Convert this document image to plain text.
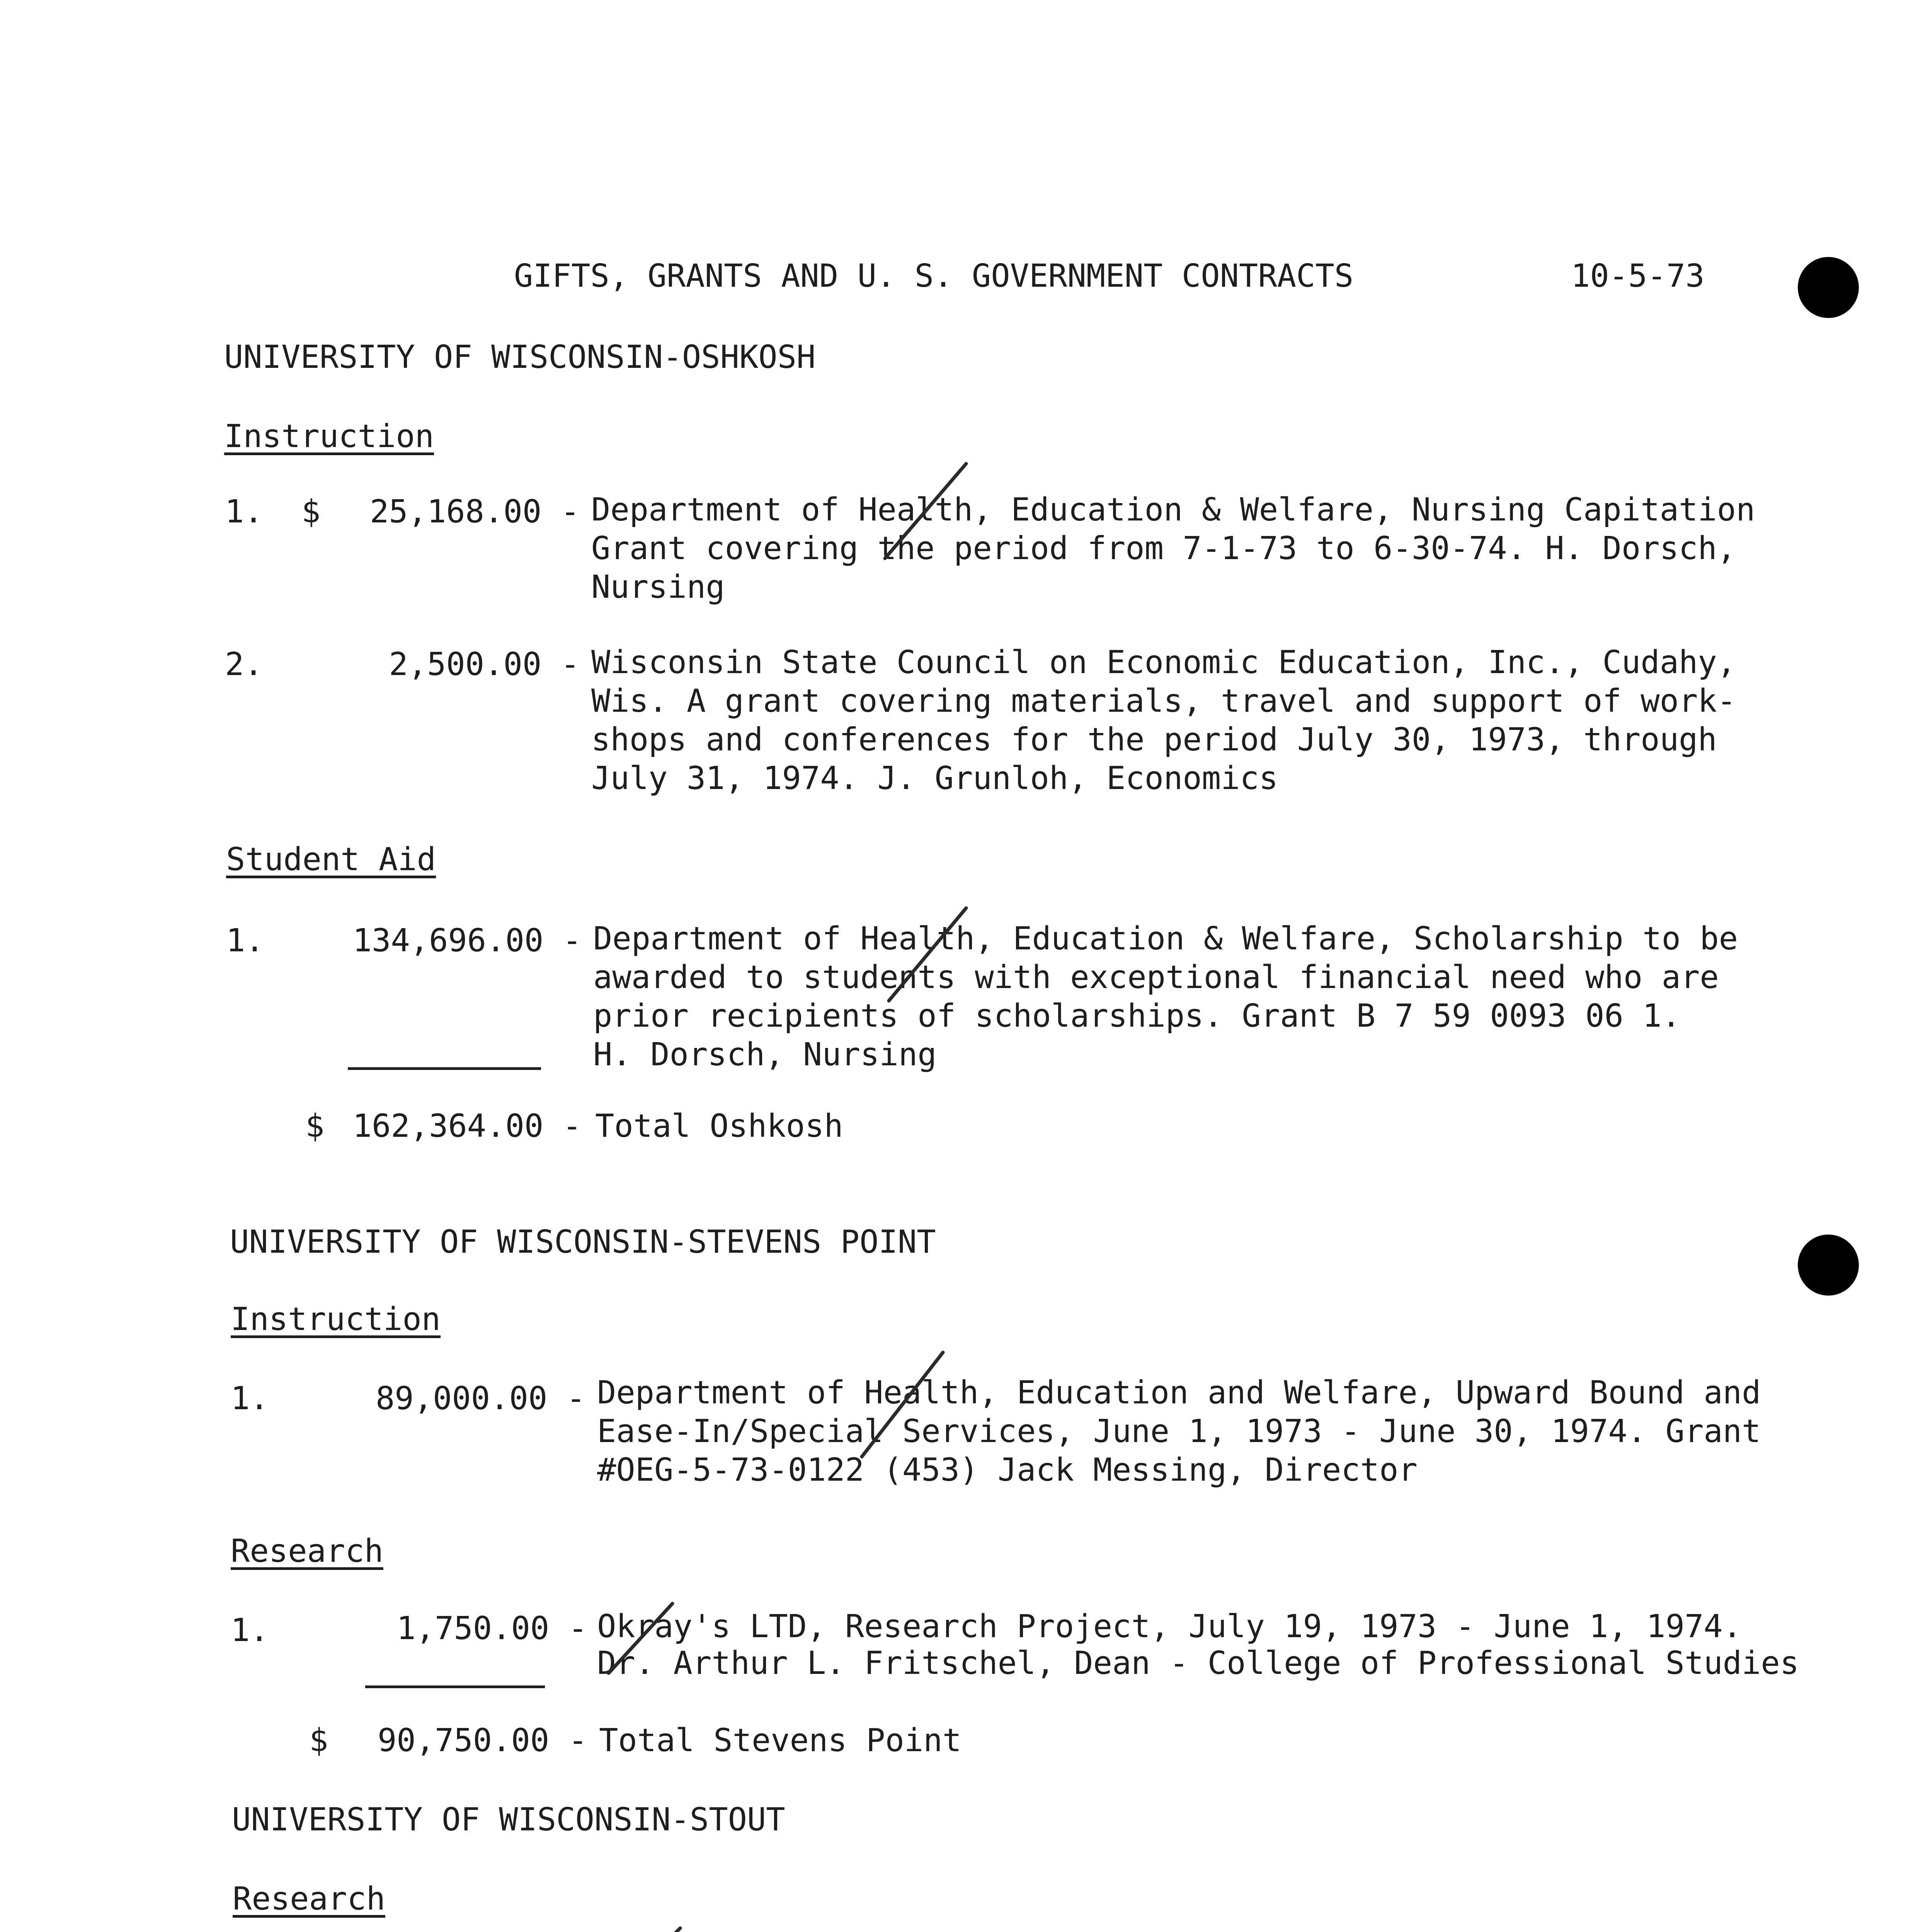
GIFTS, GRANTS AND U. S. GOVERNMENT CONTRACTS	10-5-73
UNIVERSITY OF WISCONSIN-OSHKOSH
Instruction
1. $	25,168.00 - Department of Health, Education & Welfare, Nursing Capitation
Grant covering the period from 7-1-73 to 6-30-74. H. Dorsch,
Nursing
2.	2,500.00 - Wisconsin State Council on Economic Education, Inc., Cudahy,
Wis. A grant covering materials, travel and support of work-
shops and conferences for the period July 30, 1973, through
July 31, 1974. J. Grunloh, Economics
Student Aid
1.	134,696.00 - Department of Health, Education & Welfare, Scholarship to be
awarded to students with exceptional financial need who are
prior recipients of scholarships. Grant B 7 59 0093 06 1.
H. Dorsch, Nursing
$ 162,364.00 - Total Oshkosh
UNIVERSITY OF WISCONSIN-STEVENS POINT
Instruction
1.	89,000.00 - Department of Health, Education and Welfare, Upward Bound and
Ease-In/Special Services, June 1, 1973 - June 30, 1974. Grant
#OEG-5-73-0122 (453) Jack Messing, Director
Research
1.	1,750.00 - Okray's LTD, Research Project, July 19, 1973 - June 1, 1974.
Dr. Arthur L. Fritschel, Dean - College of Professional Studies
$	90,750.00 - Total Stevens Point
UNIVERSITY OF WISCONSIN-STOUT
Research
